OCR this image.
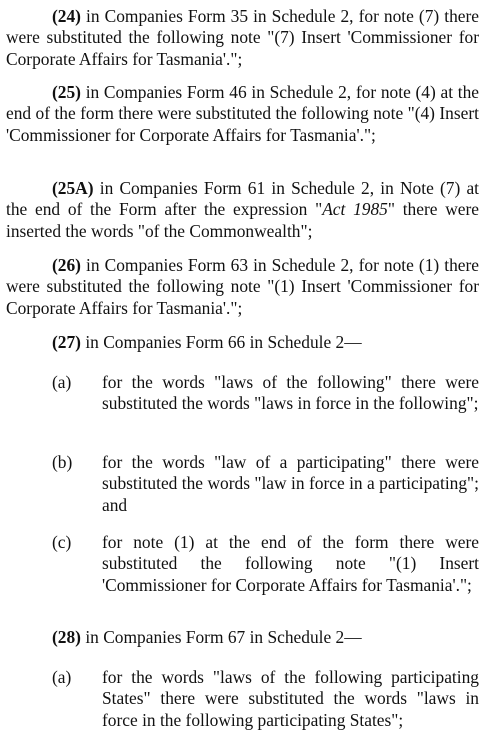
(24) in Companies Form 35 in Schedule 2, for note (7) there were substituted the following note "(7) Insert 'Commissioner for Corporate Affairs for Tasmania'.";

(25) in Companies Form 46 in Schedule 2, for note (4) at the end of the form there were substituted the following note "(4) Insert 'Commissioner for Corporate Affairs for Tasmania'.";

(25A) in Companies Form 61 in Schedule 2, in Note (7) at the end of the Form after the expression "Act 1985" there were inserted the words "of the Commonwealth";

(26) in Companies Form 63 in Schedule 2, for note (1) there were substituted the following note "(1) Insert 'Commissioner for Corporate Affairs for Tasmania'.";

(27) in Companies Form 66 in Schedule 2—

(a) for the words "laws of the following" there were substituted the words "laws in force in the following";
(b) for the words "law of a participating" there were substituted the words "law in force in a participating"; and
(c) for note (1) at the end of the form there were substituted the following note "(1) Insert 'Commissioner for Corporate Affairs for Tasmania'.";

(28) in Companies Form 67 in Schedule 2—

(a) for the words "laws of the following participating States" there were substituted the words "laws in force in the following participating States";
